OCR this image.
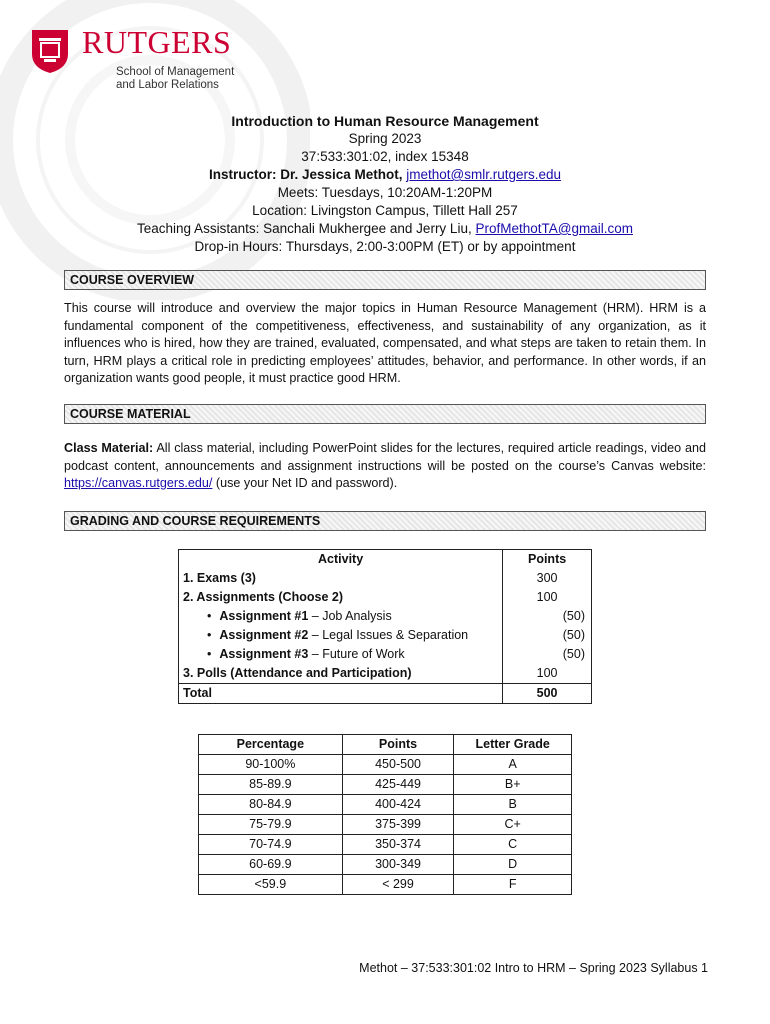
RUTGERS
School of Management
and Labor Relations
Introduction to Human Resource Management
Spring 2023
37:533:301:02, index 15348
Instructor: Dr. Jessica Methot, jmethot@smlr.rutgers.edu
Meets: Tuesdays, 10:20AM-1:20PM
Location: Livingston Campus, Tillett Hall 257
Teaching Assistants: Sanchali Mukhergee and Jerry Liu, ProfMethotTA@gmail.com
Drop-in Hours: Thursdays, 2:00-3:00PM (ET) or by appointment
COURSE OVERVIEW
This course will introduce and overview the major topics in Human Resource Management (HRM). HRM is a fundamental component of the competitiveness, effectiveness, and sustainability of any organization, as it influences who is hired, how they are trained, evaluated, compensated, and what steps are taken to retain them. In turn, HRM plays a critical role in predicting employees’ attitudes, behavior, and performance. In other words, if an organization wants good people, it must practice good HRM.
COURSE MATERIAL
Class Material: All class material, including PowerPoint slides for the lectures, required article readings, video and podcast content, announcements and assignment instructions will be posted on the course’s Canvas website: https://canvas.rutgers.edu/ (use your Net ID and password).
GRADING AND COURSE REQUIREMENTS
Activity	Points
1. Exams (3)	300
2. Assignments (Choose 2)	100
• Assignment #1 – Job Analysis	(50)
• Assignment #2 – Legal Issues & Separation	(50)
• Assignment #3 – Future of Work	(50)
3. Polls (Attendance and Participation)	100
Total	500
Percentage	Points	Letter Grade
90-100%	450-500	A
85-89.9	425-449	B+
80-84.9	400-424	B
75-79.9	375-399	C+
70-74.9	350-374	C
60-69.9	300-349	D
<59.9	< 299	F
Methot – 37:533:301:02 Intro to HRM – Spring 2023 Syllabus 1
